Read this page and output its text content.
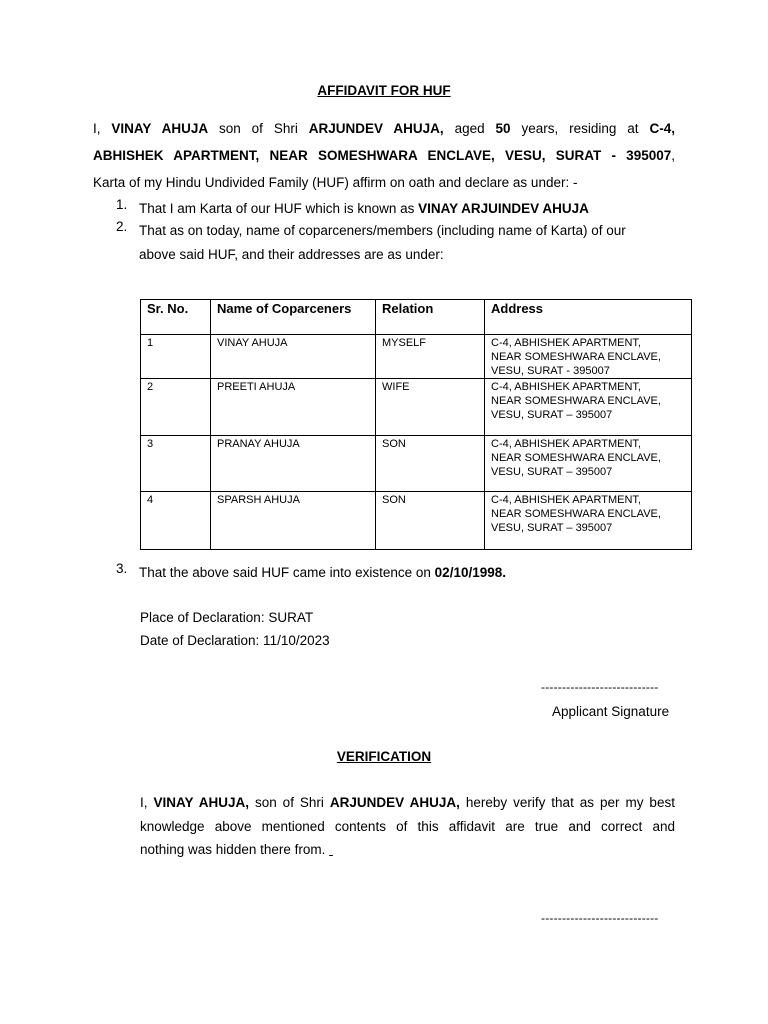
AFFIDAVIT FOR HUF
I, VINAY AHUJA son of Shri ARJUNDEV AHUJA, aged 50 years, residing at C-4,
ABHISHEK APARTMENT, NEAR SOMESHWARA ENCLAVE, VESU, SURAT - 395007,
Karta of my Hindu Undivided Family (HUF) affirm on oath and declare as under: -
1. That I am Karta of our HUF which is known as VINAY ARJUINDEV AHUJA
2. That as on today, name of coparceners/members (including name of Karta) of our
above said HUF, and their addresses are as under:
Sr. No.	Name of Coparceners	Relation	Address
1	VINAY AHUJA	MYSELF	C-4, ABHISHEK APARTMENT,
NEAR SOMESHWARA ENCLAVE,
VESU, SURAT - 395007

2	PREETI AHUJA	WIFE	C-4, ABHISHEK APARTMENT,
NEAR SOMESHWARA ENCLAVE,
VESU, SURAT – 395007

3	PRANAY AHUJA	SON	C-4, ABHISHEK APARTMENT,
NEAR SOMESHWARA ENCLAVE,
VESU, SURAT – 395007

4	SPARSH AHUJA	SON	C-4, ABHISHEK APARTMENT,
NEAR SOMESHWARA ENCLAVE,
VESU, SURAT – 395007
3. That the above said HUF came into existence on 02/10/1998.
Place of Declaration: SURAT
Date of Declaration: 11/10/2023
----------------------------
Applicant Signature
VERIFICATION
I, VINAY AHUJA, son of Shri ARJUNDEV AHUJA, hereby verify that as per my best
knowledge above mentioned contents of this affidavit are true and correct and
nothing was hidden there from.
----------------------------
